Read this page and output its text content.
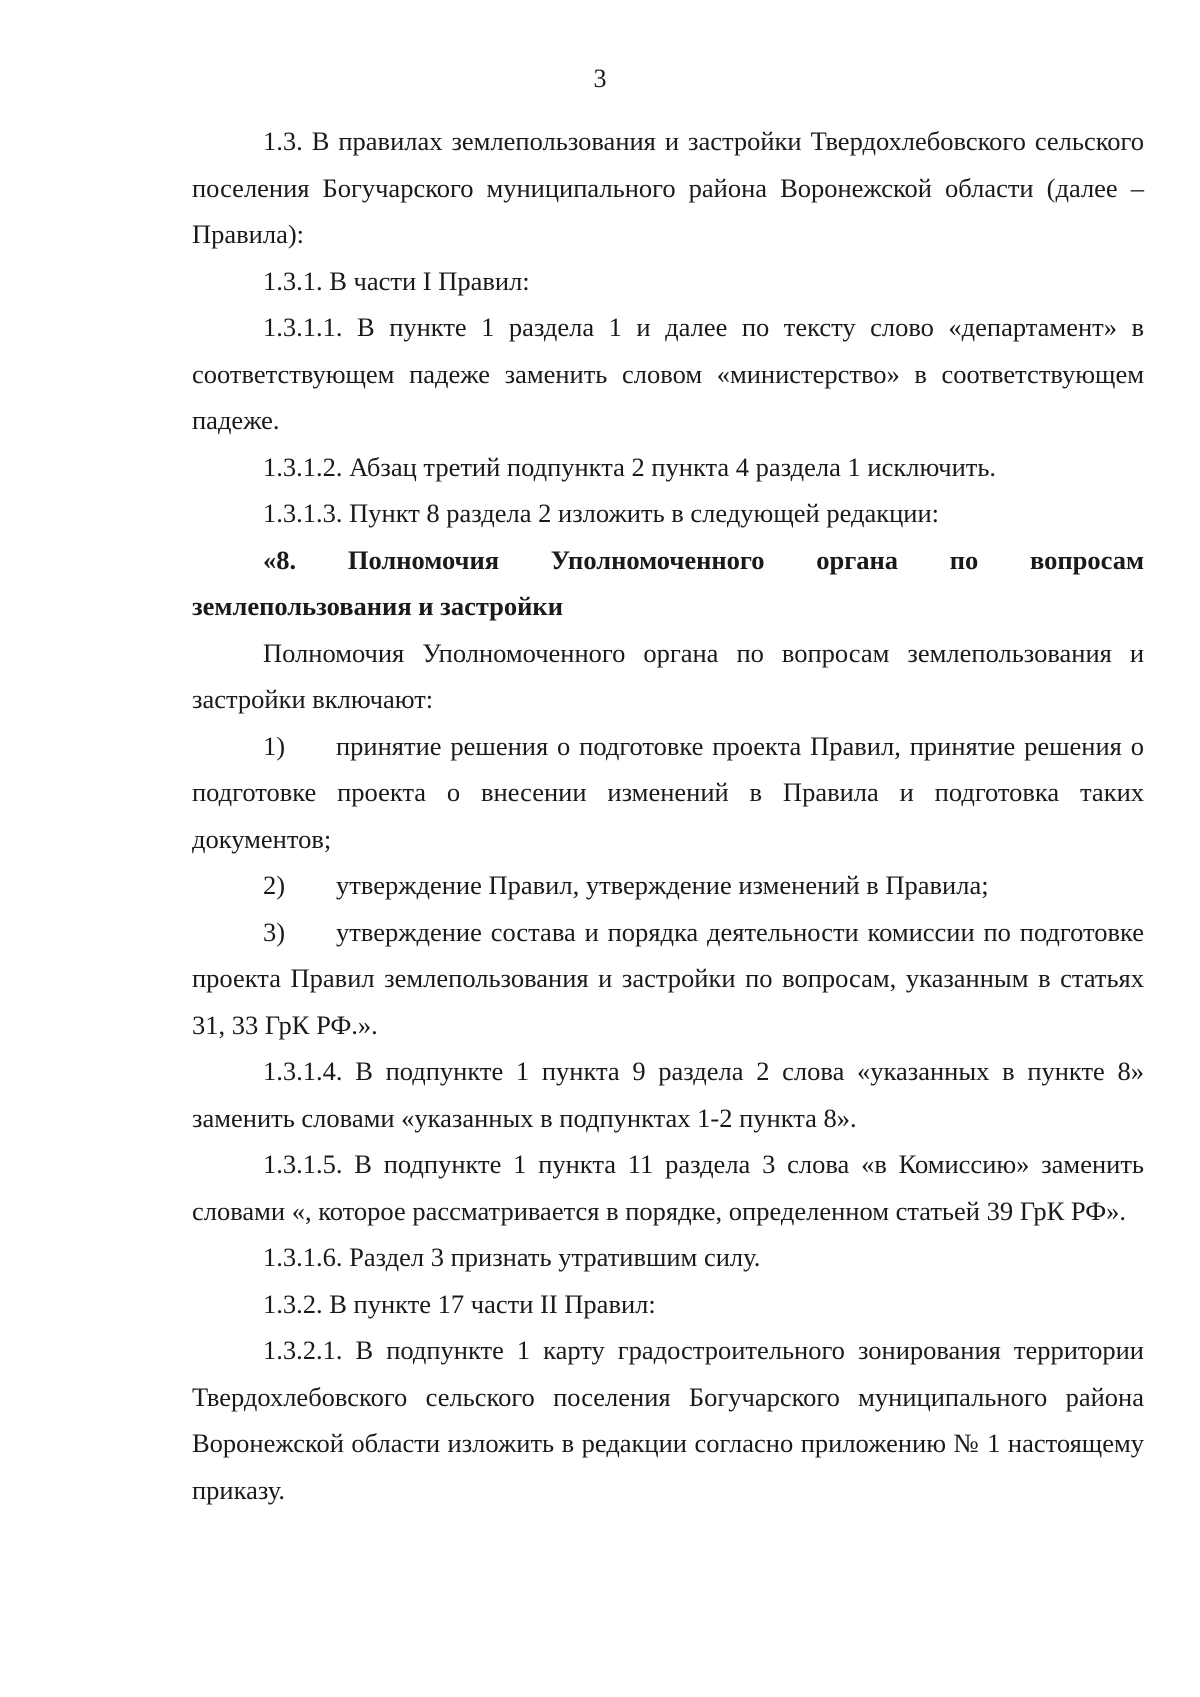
3

1.3. В правилах землепользования и застройки Твердохлебовского сельского поселения Богучарского муниципального района Воронежской области (далее – Правила):

1.3.1. В части I Правил:

1.3.1.1. В пункте 1 раздела 1 и далее по тексту слово «департамент» в соответствующем падеже заменить словом «министерство» в соответствующем падеже.

1.3.1.2. Абзац третий подпункта 2 пункта 4 раздела 1 исключить.

1.3.1.3. Пункт 8 раздела 2 изложить в следующей редакции:

«8. Полномочия Уполномоченного органа по вопросам землепользования и застройки

Полномочия Уполномоченного органа по вопросам землепользования и застройки включают:

1) принятие решения о подготовке проекта Правил, принятие решения о подготовке проекта о внесении изменений в Правила и подготовка таких документов;

2) утверждение Правил, утверждение изменений в Правила;

3) утверждение состава и порядка деятельности комиссии по подготовке проекта Правил землепользования и застройки по вопросам, указанным в статьях 31, 33 ГрК РФ.».

1.3.1.4. В подпункте 1 пункта 9 раздела 2 слова «указанных в пункте 8» заменить словами «указанных в подпунктах 1-2 пункта 8».

1.3.1.5. В подпункте 1 пункта 11 раздела 3 слова «в Комиссию» заменить словами «, которое рассматривается в порядке, определенном статьей 39 ГрК РФ».

1.3.1.6. Раздел 3 признать утратившим силу.

1.3.2. В пункте 17 части II Правил:

1.3.2.1. В подпункте 1 карту градостроительного зонирования территории Твердохлебовского сельского поселения Богучарского муниципального района Воронежской области изложить в редакции согласно приложению № 1 настоящему приказу.
